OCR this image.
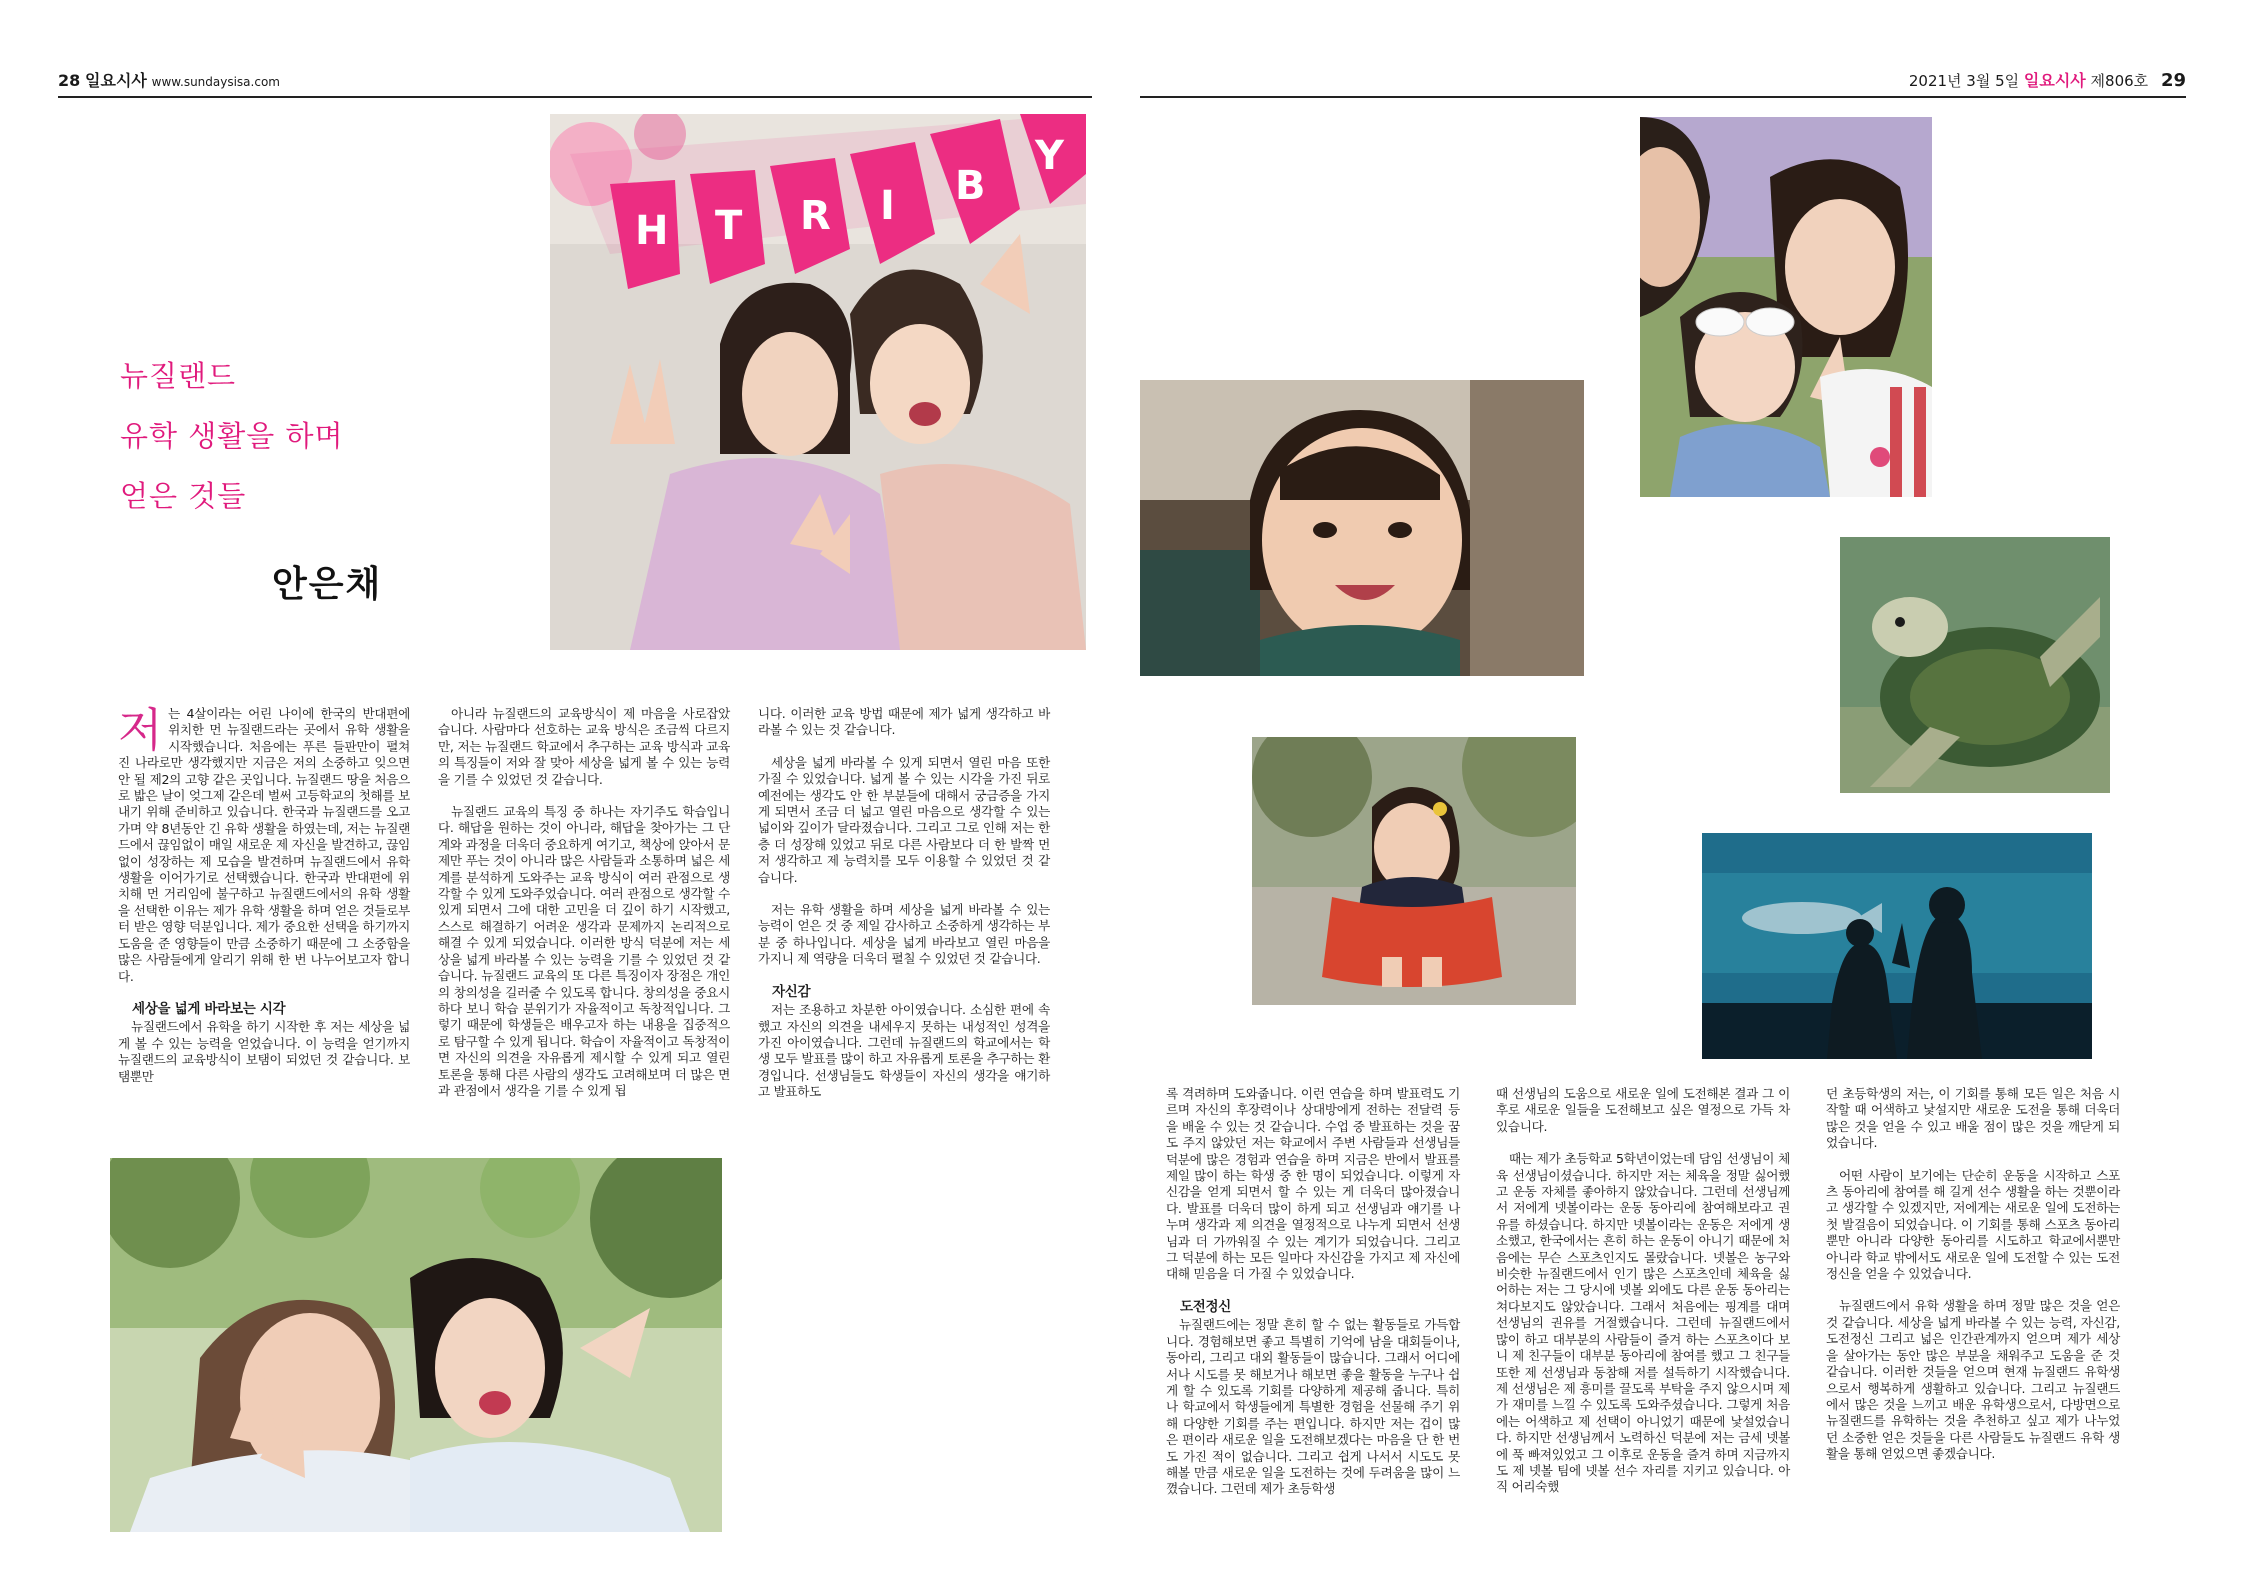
28 일요시사 www.sundaysisa.com	2021년 3월 5일 일요시사 제806호 29
뉴질랜드
유학 생활을 하며
얻은 것들
안은채
Y
B
I
R
T
H

저는 4살이라는 어린 나이에 한국의 반대편에 위치한 먼 뉴질랜드라는 곳에서 유학 생활을 시작했습니다. 처음에는 푸른 들판만이 펼쳐진 나라로만 생각했지만 지금은 저의 소중하고 잊으면 안 될 제2의 고향 같은 곳입니다. 뉴질랜드 땅을 처음으로 밟은 날이 엊그제 같은데 벌써 고등학교의 첫해를 보내기 위해 준비하고 있습니다. 한국과 뉴질랜드를 오고 가며 약 8년동안 긴 유학 생활을 하였는데, 저는 뉴질랜드에서 끊임없이 매일 새로운 제 자신을 발견하고, 끊임없이 성장하는 제 모습을 발견하며 뉴질랜드에서 유학 생활을 이어가기로 선택했습니다. 한국과 반대편에 위치해 먼 거리임에 불구하고 뉴질랜드에서의 유학 생활을 선택한 이유는 제가 유학 생활을 하며 얻은 것들로부터 받은 영향 덕분입니다. 제가 중요한 선택을 하기까지 도움을 준 영향들이 만큼 소중하기 때문에 그 소중함을 많은 사람들에게 알리기 위해 한 번 나누어보고자 합니다.

세상을 넓게 바라보는 시각

뉴질랜드에서 유학을 하기 시작한 후 저는 세상을 넓게 볼 수 있는 능력을 얻었습니다. 이 능력을 얻기까지 뉴질랜드의 교육방식이 보탬이 되었던 것 같습니다. 보탬뿐만

아니라 뉴질랜드의 교육방식이 제 마음을 사로잡았습니다. 사람마다 선호하는 교육 방식은 조금씩 다르지만, 저는 뉴질랜드 학교에서 추구하는 교육 방식과 교육의 특징들이 저와 잘 맞아 세상을 넓게 볼 수 있는 능력을 기를 수 있었던 것 같습니다.

뉴질랜드 교육의 특징 중 하나는 자기주도 학습입니다. 해답을 원하는 것이 아니라, 해답을 찾아가는 그 단계와 과정을 더욱더 중요하게 여기고, 책상에 앉아서 문제만 푸는 것이 아니라 많은 사람들과 소통하며 넓은 세계를 분석하게 도와주는 교육 방식이 여러 관점으로 생각할 수 있게 도와주었습니다. 여러 관점으로 생각할 수 있게 되면서 그에 대한 고민을 더 깊이 하기 시작했고, 스스로 해결하기 어려운 생각과 문제까지 논리적으로 해결 수 있게 되었습니다. 이러한 방식 덕분에 저는 세상을 넓게 바라볼 수 있는 능력을 기를 수 있었던 것 같습니다. 뉴질랜드 교육의 또 다른 특징이자 장점은 개인의 창의성을 길러줄 수 있도록 합니다. 창의성을 중요시하다 보니 학습 분위기가 자율적이고 독창적입니다. 그렇기 때문에 학생들은 배우고자 하는 내용을 집중적으로 탐구할 수 있게 됩니다. 학습이 자율적이고 독창적이면 자신의 의견을 자유롭게 제시할 수 있게 되고 열린 토론을 통해 다른 사람의 생각도 고려해보며 더 많은 면과 관점에서 생각을 기를 수 있게 됩

니다. 이러한 교육 방법 때문에 제가 넓게 생각하고 바라볼 수 있는 것 같습니다.

세상을 넓게 바라볼 수 있게 되면서 열린 마음 또한 가질 수 있었습니다. 넓게 볼 수 있는 시각을 가진 뒤로 예전에는 생각도 안 한 부분들에 대해서 궁금증을 가지게 되면서 조금 더 넓고 열린 마음으로 생각할 수 있는 넓이와 깊이가 달라졌습니다. 그리고 그로 인해 저는 한층 더 성장해 있었고 뒤로 다른 사람보다 더 한 발짝 먼저 생각하고 제 능력치를 모두 이용할 수 있었던 것 같습니다.

저는 유학 생활을 하며 세상을 넓게 바라볼 수 있는 능력이 얻은 것 중 제일 감사하고 소중하게 생각하는 부분 중 하나입니다. 세상을 넓게 바라보고 열린 마음을 가지니 제 역량을 더욱더 펼칠 수 있었던 것 같습니다.

자신감

저는 조용하고 차분한 아이였습니다. 소심한 편에 속했고 자신의 의견을 내세우지 못하는 내성적인 성격을 가진 아이였습니다. 그런데 뉴질랜드의 학교에서는 학생 모두 발표를 많이 하고 자유롭게 토론을 추구하는 환경입니다. 선생님들도 학생들이 자신의 생각을 얘기하고 발표하도	록 격려하며 도와줍니다. 이런 연습을 하며 발표력도 기르며 자신의 후장력이나 상대방에게 전하는 전달력 등을 배울 수 있는 것 같습니다. 수업 중 발표하는 것을 꿈도 주지 않았던 저는 학교에서 주변 사람들과 선생님들 덕분에 많은 경험과 연습을 하며 지금은 반에서 발표를 제일 많이 하는 학생 중 한 명이 되었습니다. 이렇게 자신감을 얻게 되면서 할 수 있는 게 더욱더 많아졌습니다. 발표를 더욱더 많이 하게 되고 선생님과 얘기를 나누며 생각과 제 의견을 열정적으로 나누게 되면서 선생님과 더 가까워질 수 있는 계기가 되었습니다. 그리고 그 덕분에 하는 모든 일마다 자신감을 가지고 제 자신에 대해 믿음을 더 가질 수 있었습니다.

도전정신

뉴질랜드에는 정말 흔히 할 수 없는 활동들로 가득합니다. 경험해보면 좋고 특별히 기억에 남을 대회들이나, 동아리, 그리고 대외 활동들이 많습니다. 그래서 어디에서나 시도를 못 해보거나 해보면 좋을 활동을 누구나 쉽게 할 수 있도록 기회를 다양하게 제공해 줍니다. 특히나 학교에서 학생들에게 특별한 경험을 선물해 주기 위해 다양한 기회를 주는 편입니다. 하지만 저는 겁이 많은 편이라 새로운 일을 도전해보겠다는 마음을 단 한 번도 가진 적이 없습니다. 그리고 쉽게 나서서 시도도 못해볼 만큼 새로운 일을 도전하는 것에 두려움을 많이 느꼈습니다. 그런데 제가 초등학생

때 선생님의 도움으로 새로운 일에 도전해본 결과 그 이후로 새로운 일들을 도전해보고 싶은 열정으로 가득 차 있습니다.

때는 제가 초등학교 5학년이었는데 담임 선생님이 체육 선생님이셨습니다. 하지만 저는 체육을 정말 싫어했고 운동 자체를 좋아하지 않았습니다. 그런데 선생님께서 저에게 넷볼이라는 운동 동아리에 참여해보라고 권유를 하셨습니다. 하지만 넷볼이라는 운동은 저에게 생소했고, 한국에서는 흔히 하는 운동이 아니기 때문에 처음에는 무슨 스포츠인지도 몰랐습니다. 넷볼은 농구와 비슷한 뉴질랜드에서 인기 많은 스포츠인데 체육을 싫어하는 저는 그 당시에 넷볼 외에도 다른 운동 동아리는 쳐다보지도 않았습니다. 그래서 처음에는 핑계를 대며 선생님의 권유를 거절했습니다. 그런데 뉴질랜드에서 많이 하고 대부분의 사람들이 즐겨 하는 스포츠이다 보니 제 친구들이 대부분 동아리에 참여를 했고 그 친구들 또한 제 선생님과 동참해 저를 설득하기 시작했습니다. 제 선생님은 제 흥미를 끌도록 부탁을 주지 않으시며 제가 재미를 느낄 수 있도록 도와주셨습니다. 그렇게 처음에는 어색하고 제 선택이 아니었기 때문에 낯설었습니다. 하지만 선생님께서 노력하신 덕분에 저는 금세 넷볼에 푹 빠져있었고 그 이후로 운동을 즐겨 하며 지금까지도 제 넷볼 팀에 넷볼 선수 자리를 지키고 있습니다. 아직 어리숙했

던 초등학생의 저는, 이 기회를 통해 모든 일은 처음 시작할 때 어색하고 낯설지만 새로운 도전을 통해 더욱더 많은 것을 얻을 수 있고 배울 점이 많은 것을 깨닫게 되었습니다.

어떤 사람이 보기에는 단순히 운동을 시작하고 스포츠 동아리에 참여를 해 길게 선수 생활을 하는 것뿐이라고 생각할 수 있겠지만, 저에게는 새로운 일에 도전하는 첫 발걸음이 되었습니다. 이 기회를 통해 스포츠 동아리뿐만 아니라 다양한 동아리를 시도하고 학교에서뿐만 아니라 학교 밖에서도 새로운 일에 도전할 수 있는 도전 정신을 얻을 수 있었습니다.

뉴질랜드에서 유학 생활을 하며 정말 많은 것을 얻은 것 같습니다. 세상을 넓게 바라볼 수 있는 능력, 자신감, 도전정신 그리고 넓은 인간관계까지 얻으며 제가 세상을 살아가는 동안 많은 부분을 채워주고 도움을 준 것 같습니다. 이러한 것들을 얻으며 현재 뉴질랜드 유학생으로서 행복하게 생활하고 있습니다. 그리고 뉴질랜드에서 많은 것을 느끼고 배운 유학생으로서, 다방면으로 뉴질랜드를 유학하는 것을 추천하고 싶고 제가 나누었던 소중한 얻은 것들을 다른 사람들도 뉴질랜드 유학 생활을 통해 얻었으면 좋겠습니다.
